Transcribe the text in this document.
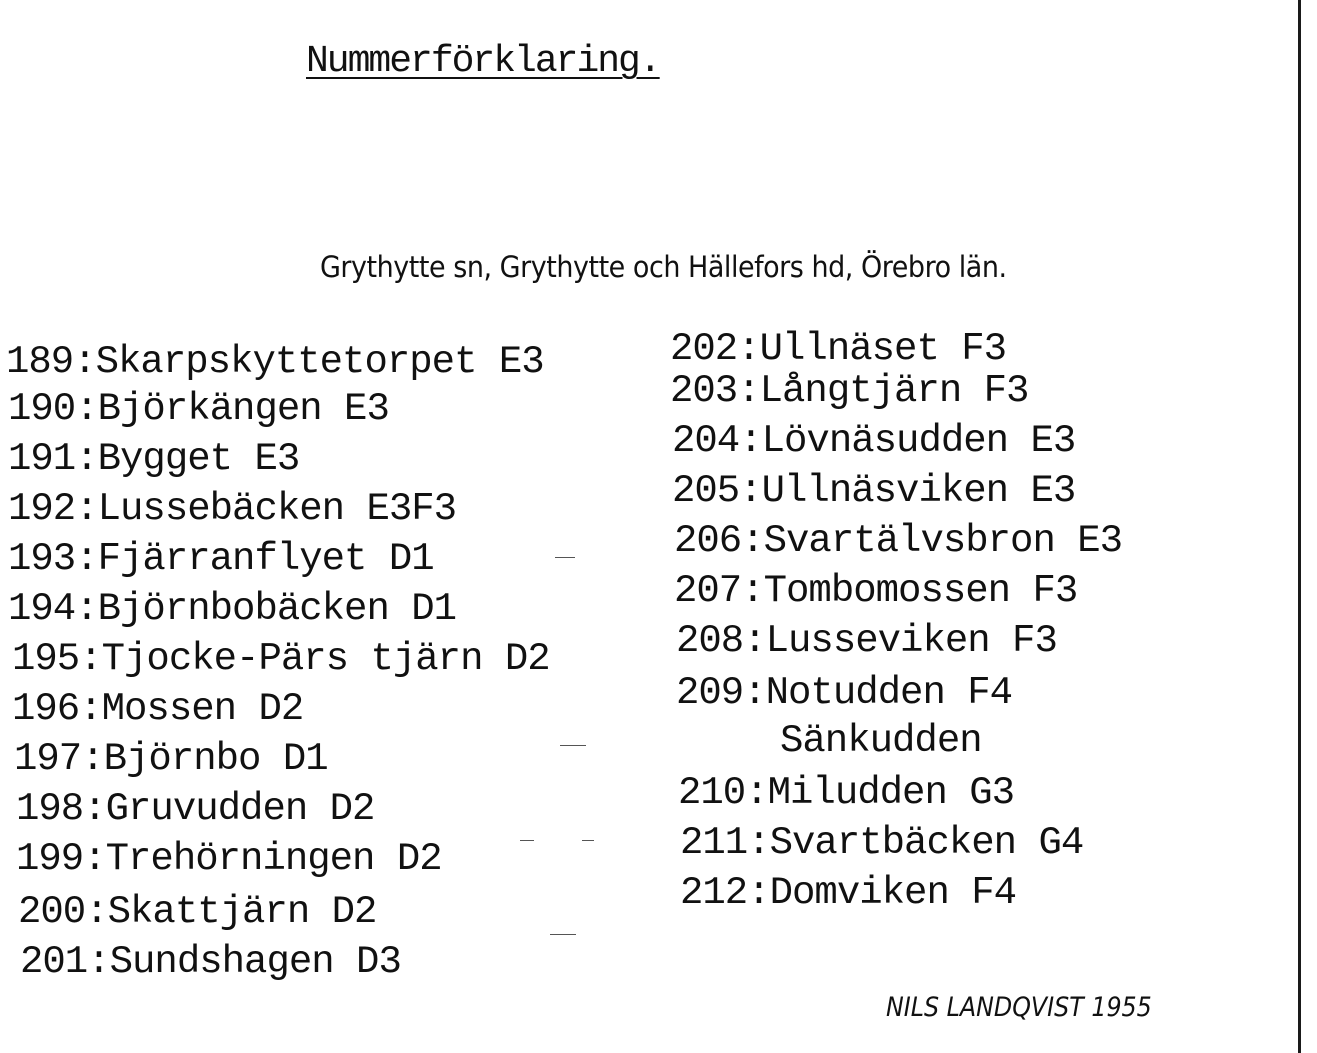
Nummerförklaring.
Grythytte sn, Grythytte och Hällefors hd, Örebro län.
189:Skarpskyttetorpet E3
190:Björkängen E3
191:Bygget E3
192:Lussebäcken E3F3
193:Fjärranflyet D1
194:Björnbobäcken D1
195:Tjocke-Pärs tjärn D2
196:Mossen D2
197:Björnbo D1
198:Gruvudden D2
199:Trehörningen D2
200:Skattjärn D2
201:Sundshagen D3
202:Ullnäset F3
203:Långtjärn F3
204:Lövnäsudden E3
205:Ullnäsviken E3
206:Svartälvsbron E3
207:Tombomossen F3
208:Lusseviken F3
209:Notudden F4
Sänkudden
210:Miludden G3
211:Svartbäcken G4
212:Domviken F4
NILS LANDQVIST 1955
